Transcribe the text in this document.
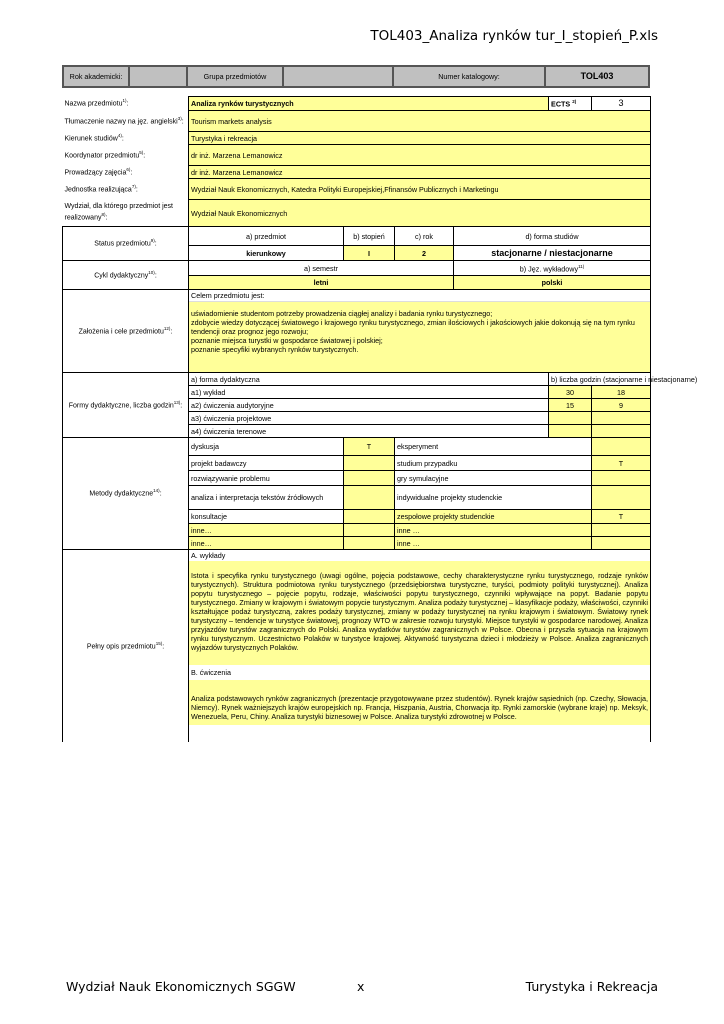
TOL403_Analiza rynków tur_I_stopień_P.xls
Rok akademicki:		Grupa przedmiotów		Numer katalogowy:	TOL403
Nazwa przedmiotu$^{1)}$:	Analiza rynków turystycznych				ECTS $^{2)}$	3
Tłumaczenie nazwy na jęz. angielski$^{3)}$:	Tourism markets analysis					
Kierunek studiów$^{4)}$:	Turystyka i rekreacja					
Koordynator przedmiotu$^{5)}$:	dr inż. Marzena Lemanowicz					
Prowadzący zajęcia$^{6)}$:	dr inż. Marzena Lemanowicz					
Jednostka realizująca$^{7)}$:	Wydział Nauk Ekonomicznych, Katedra Polityki Europejskiej,Ffinansów Publicznych i Marketingu					
Wydział, dla którego przedmiot jest realizowany$^{8)}$:	Wydział Nauk Ekonomicznych					
Status przedmiotu$^{9)}$:	a) przedmiot	b) stopień	c) rok	d) forma studiów		
	kierunkowy	I	2	stacjonarne / niestacjonarne		
Cykl dydaktyczny$^{10)}$:	a) semestr			b) Jęz. wykładowy$^{11)}$
	letni			polski		
Założenia i cele przedmiotu$^{12)}$:	Celem przedmiotu jest:
uświadomienie studentom potrzeby prowadzenia ciągłej analizy i badania rynku turystycznego;
zdobycie wiedzy dotyczącej światowego i krajowego rynku turystycznego, zmian ilościowych i jakościowych jakie dokonują się na tym rynku tendencji oraz prognoz jego rozwoju;
poznanie miejsca turystki w gospodarce światowej i polskiej;
poznanie specyfiki wybranych rynków turystycznych.					

Formy dydaktyczne, liczba godzin$^{13)}$:	a) forma dydaktyczna				b) liczba godzin (stacjonarne i niestacjonarne)	
	a1) wykład				30	18
	a2) ćwiczenia audytoryjne				15	9
	a3) ćwiczenia projektowe					
	a4) ćwiczenia terenowe					
Metody dydaktyczne$^{14)}$:	dyskusja	T	eksperyment	
	projekt badawczy		studium przypadku	T
	rozwiązywanie problemu		gry symulacyjne	
	analiza i interpretacja tekstów źródłowych		indywidualne projekty studenckie	
	konsultacje		zespołowe projekty studenckie	T
	inne…		inne …	
	inne…		inne …	
Pełny opis przedmiotu$^{15)}$:	
A. wykłady

Istota i specyfika rynku turystycznego (uwagi ogólne, pojęcia podstawowe, cechy charakterystyczne rynku turystycznego, rodzaje rynków turystycznych). Struktura podmiotowa rynku turystycznego (przedsiębiorstwa turystyczne, turyści, podmioty polityki turystycznej). Analiza popytu turystycznego – pojęcie popytu, rodzaje, właściwości popytu turystycznego, czynniki wpływające na popyt. Badanie popytu turystycznego. Zmiany w krajowym i światowym popycie turystycznym. Analiza podaży turystycznej – klasyfikacje podaży, właściwości, czynniki kształtujące podaż turystyczną, zakres podaży turystycznej, zmiany w podaży turystycznej na rynku krajowym i światowym. Światowy rynek turystyczny – tendencje w turystyce światowej, prognozy WTO w zakresie rozwoju turystyki. Miejsce turystyki w gospodarce narodowej. Analiza przyjazdów turystów zagranicznych do Polski. Analiza wydatków turystów zagranicznych w Polsce. Obecna i przyszła sytuacja na krajowym rynku turystycznym. Uczestnictwo Polaków w turystyce krajowej. Aktywność turystyczna dzieci i młodzieży w Polsce. Analiza zagranicznych wyjazdów turystycznych Polaków.

B. ćwiczenia

Analiza podstawowych rynków zagranicznych (prezentacje przygotowywane przez studentów). Rynek krajów sąsiednich (np. Czechy, Słowacja, Niemcy). Rynek ważniejszych krajów europejskich np. Francja, Hiszpania, Austria, Chorwacja itp. Rynki zamorskie (wybrane kraje) np. Meksyk, Wenezuela, Peru, Chiny. Analiza turystyki biznesowej w Polsce. Analiza turystyki zdrowotnej w Polsce.

Wydział Nauk Ekonomicznych SGGW	x	Turystyka i Rekreacja
